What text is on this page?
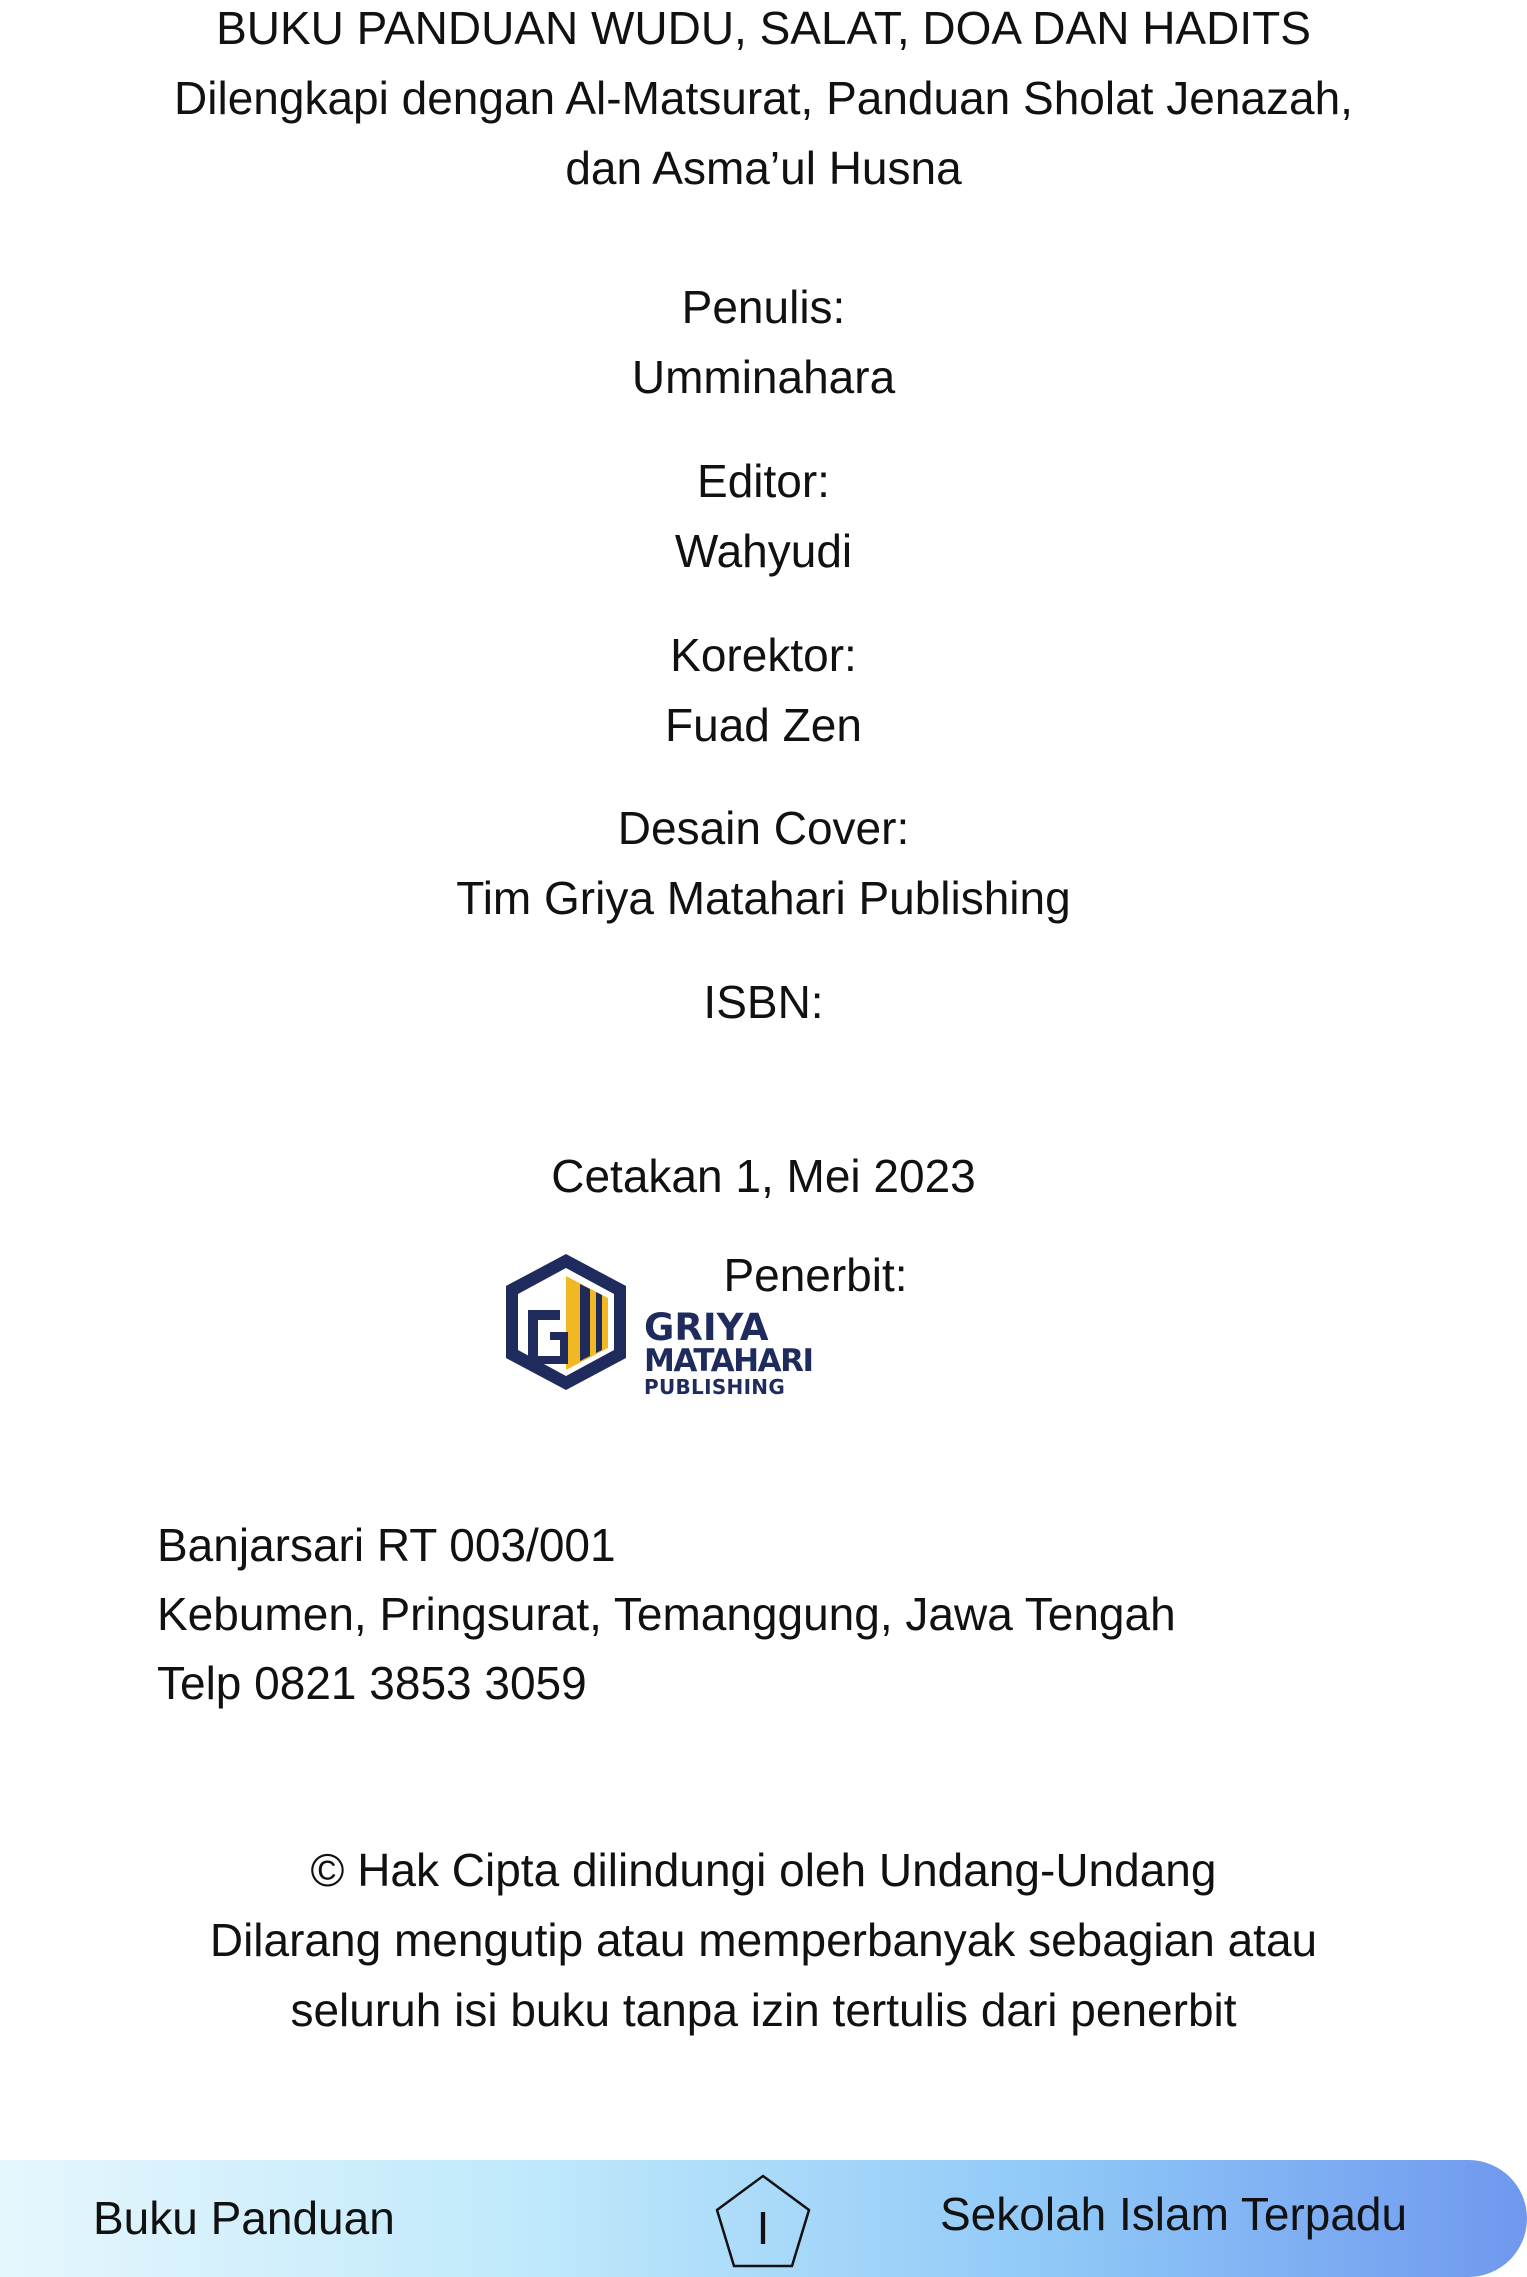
BUKU PANDUAN WUDU, SALAT, DOA DAN HADITS
Dilengkapi dengan Al-Matsurat, Panduan Sholat Jenazah,
dan Asma’ul Husna
Penulis:
Umminahara
Editor:
Wahyudi
Korektor:
Fuad Zen
Desain Cover:
Tim Griya Matahari Publishing
ISBN:
Cetakan 1, Mei 2023
Penerbit:
GRIYA
MATAHARI
PUBLISHING
Banjarsari RT 003/001
Kebumen, Pringsurat, Temanggung, Jawa Tengah
Telp 0821 3853 3059
© Hak Cipta dilindungi oleh Undang-Undang
Dilarang mengutip atau memperbanyak sebagian atau
seluruh isi buku tanpa izin tertulis dari penerbit
Buku Panduan	I	Sekolah Islam Terpadu
